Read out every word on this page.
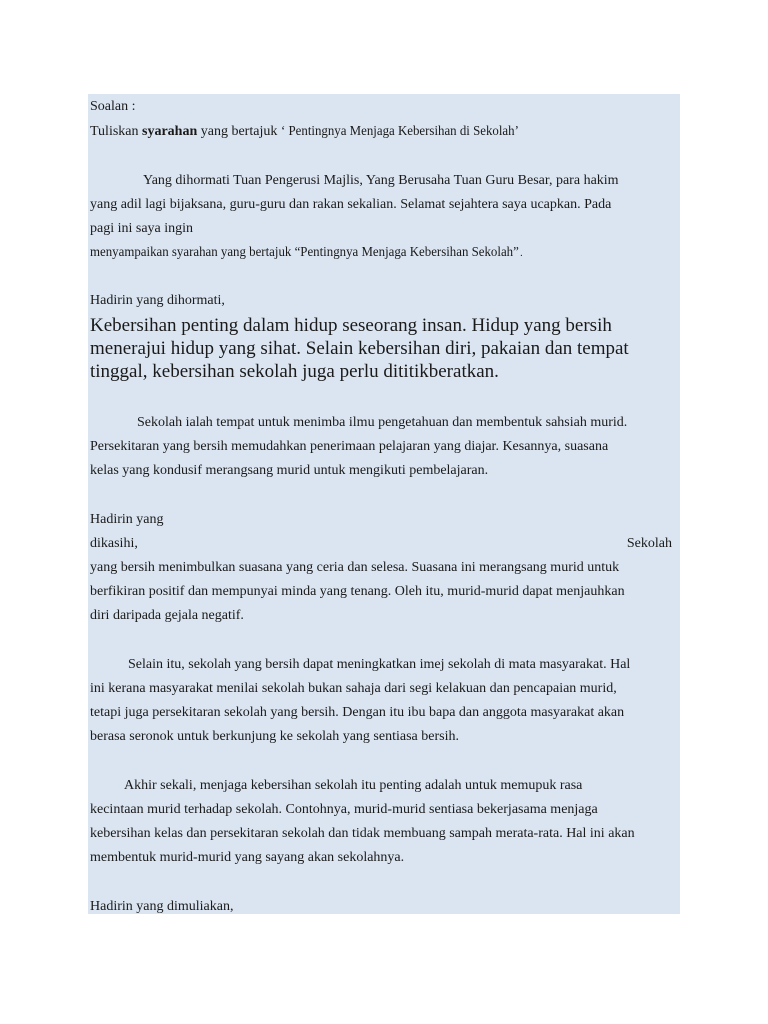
Soalan :
Tuliskan syarahan yang bertajuk ‘ Pentingnya Menjaga Kebersihan di Sekolah’
Yang dihormati Tuan Pengerusi Majlis, Yang Berusaha Tuan Guru Besar, para hakim
yang adil lagi bijaksana, guru-guru dan rakan sekalian. Selamat sejahtera saya ucapkan. Pada
pagi ini saya ingin
menyampaikan syarahan yang bertajuk “Pentingnya Menjaga Kebersihan Sekolah”.
Hadirin yang dihormati,
Kebersihan penting dalam hidup seseorang insan. Hidup yang bersih
menerajui hidup yang sihat. Selain kebersihan diri, pakaian dan tempat
tinggal, kebersihan sekolah juga perlu dititikberatkan.
Sekolah ialah tempat untuk menimba ilmu pengetahuan dan membentuk sahsiah murid.
Persekitaran yang bersih memudahkan penerimaan pelajaran yang diajar. Kesannya, suasana
kelas yang kondusif merangsang murid untuk mengikuti pembelajaran.
Hadirin yang
dikasihi,	Sekolah
yang bersih menimbulkan suasana yang ceria dan selesa. Suasana ini merangsang murid untuk
berfikiran positif dan mempunyai minda yang tenang. Oleh itu, murid-murid dapat menjauhkan
diri daripada gejala negatif.
Selain itu, sekolah yang bersih dapat meningkatkan imej sekolah di mata masyarakat. Hal
ini kerana masyarakat menilai sekolah bukan sahaja dari segi kelakuan dan pencapaian murid,
tetapi juga persekitaran sekolah yang bersih. Dengan itu ibu bapa dan anggota masyarakat akan
berasa seronok untuk berkunjung ke sekolah yang sentiasa bersih.
Akhir sekali, menjaga kebersihan sekolah itu penting adalah untuk memupuk rasa
kecintaan murid terhadap sekolah. Contohnya, murid-murid sentiasa bekerjasama menjaga
kebersihan kelas dan persekitaran sekolah dan tidak membuang sampah merata-rata. Hal ini akan
membentuk murid-murid yang sayang akan sekolahnya.
Hadirin yang dimuliakan,
